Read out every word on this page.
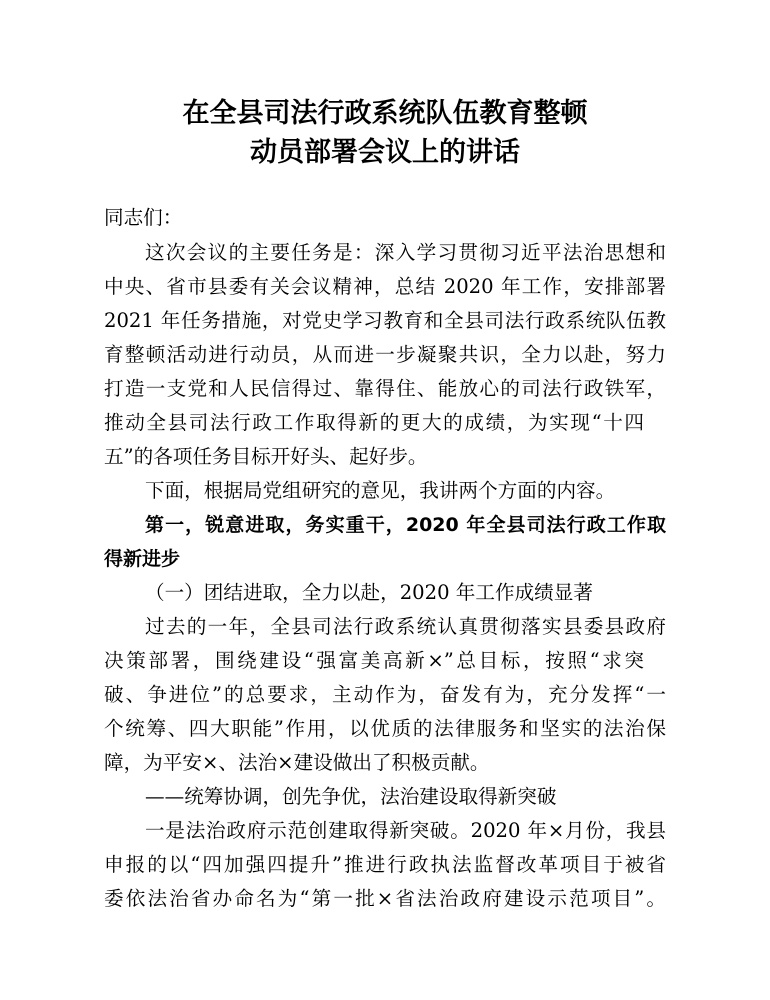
在全县司法行政系统队伍教育整顿
动员部署会议上的讲话
同志们：
这次会议的主要任务是：深入学习贯彻习近平法治思想和
中央、省市县委有关会议精神，总结 2020 年工作，安排部署
2021 年任务措施，对党史学习教育和全县司法行政系统队伍教
育整顿活动进行动员，从而进一步凝聚共识，全力以赴，努力
打造一支党和人民信得过、靠得住、能放心的司法行政铁军，
推动全县司法行政工作取得新的更大的成绩，为实现“十四
五”的各项任务目标开好头、起好步。
下面，根据局党组研究的意见，我讲两个方面的内容。
第一，锐意进取，务实重干，2020 年全县司法行政工作取
得新进步
（一）团结进取，全力以赴，2020 年工作成绩显著
过去的一年，全县司法行政系统认真贯彻落实县委县政府
决策部署，围绕建设“强富美高新×”总目标，按照“求突
破、争进位”的总要求，主动作为，奋发有为，充分发挥“一
个统筹、四大职能”作用，以优质的法律服务和坚实的法治保
障，为平安×、法治×建设做出了积极贡献。
——统筹协调，创先争优，法治建设取得新突破
一是法治政府示范创建取得新突破。2020 年×月份，我县
申报的以“四加强四提升”推进行政执法监督改革项目于被省
委依法治省办命名为“第一批×省法治政府建设示范项目”。
